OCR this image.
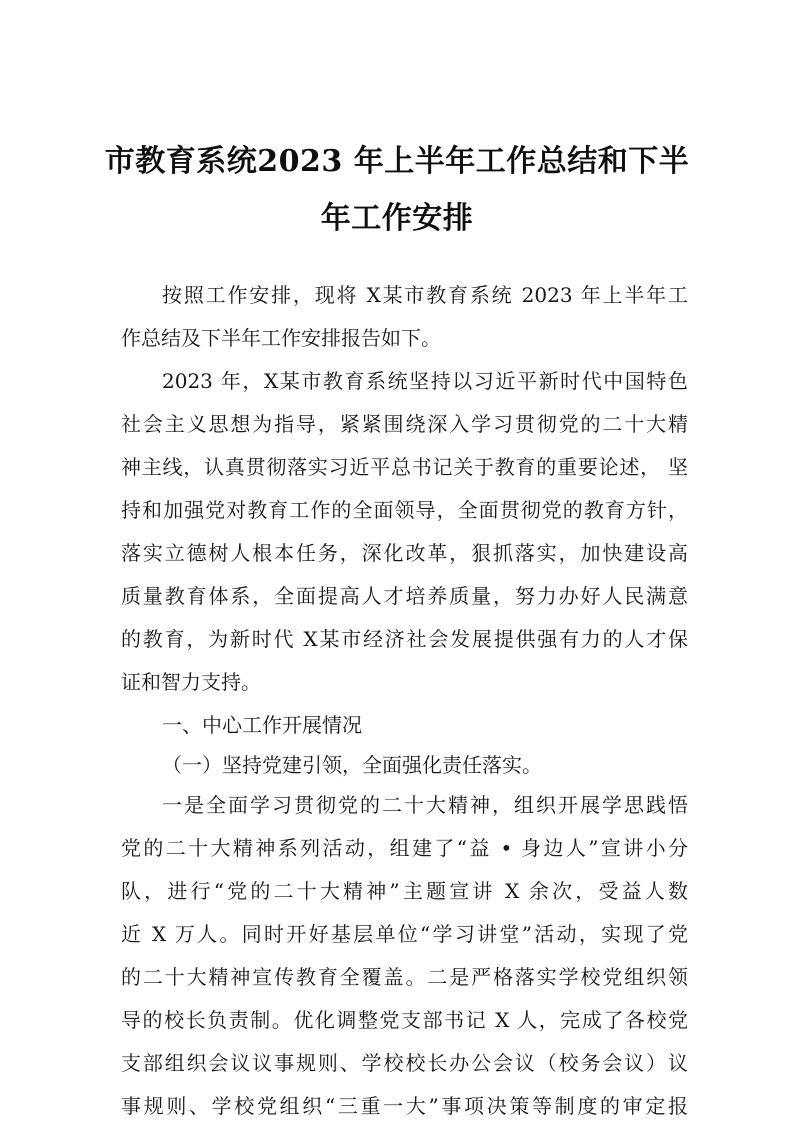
市教育系统2023 年上半年工作总结和下半
年工作安排
按照工作安排，现将 X某市教育系统 2023 年上半年工
作总结及下半年工作安排报告如下。
2023 年，X某市教育系统坚持以习近平新时代中国特色
社会主义思想为指导，紧紧围绕深入学习贯彻党的二十大精
神主线，认真贯彻落实习近平总书记关于教育的重要论述， 坚
持和加强党对教育工作的全面领导，全面贯彻党的教育方针，
落实立德树人根本任务，深化改革，狠抓落实，加快建设高
质量教育体系，全面提高人才培养质量，努力办好人民满意
的教育，为新时代 X某市经济社会发展提供强有力的人才保
证和智力支持。
一、中心工作开展情况
（一）坚持党建引领，全面强化责任落实。
一是全面学习贯彻党的二十大精神，组织开展学思践悟
党的二十大精神系列活动，组建了“益 • 身边人”宣讲小分
队，进行“党的二十大精神”主题宣讲 X 余次，受益人数
近 X 万人。同时开好基层单位“学习讲堂”活动，实现了党
的二十大精神宣传教育全覆盖。二是严格落实学校党组织领
导的校长负责制。优化调整党支部书记 X 人，完成了各校党
支部组织会议议事规则、学校校长办公会议（校务会议）议
事规则、学校党组织“三重一大”事项决策等制度的审定报
